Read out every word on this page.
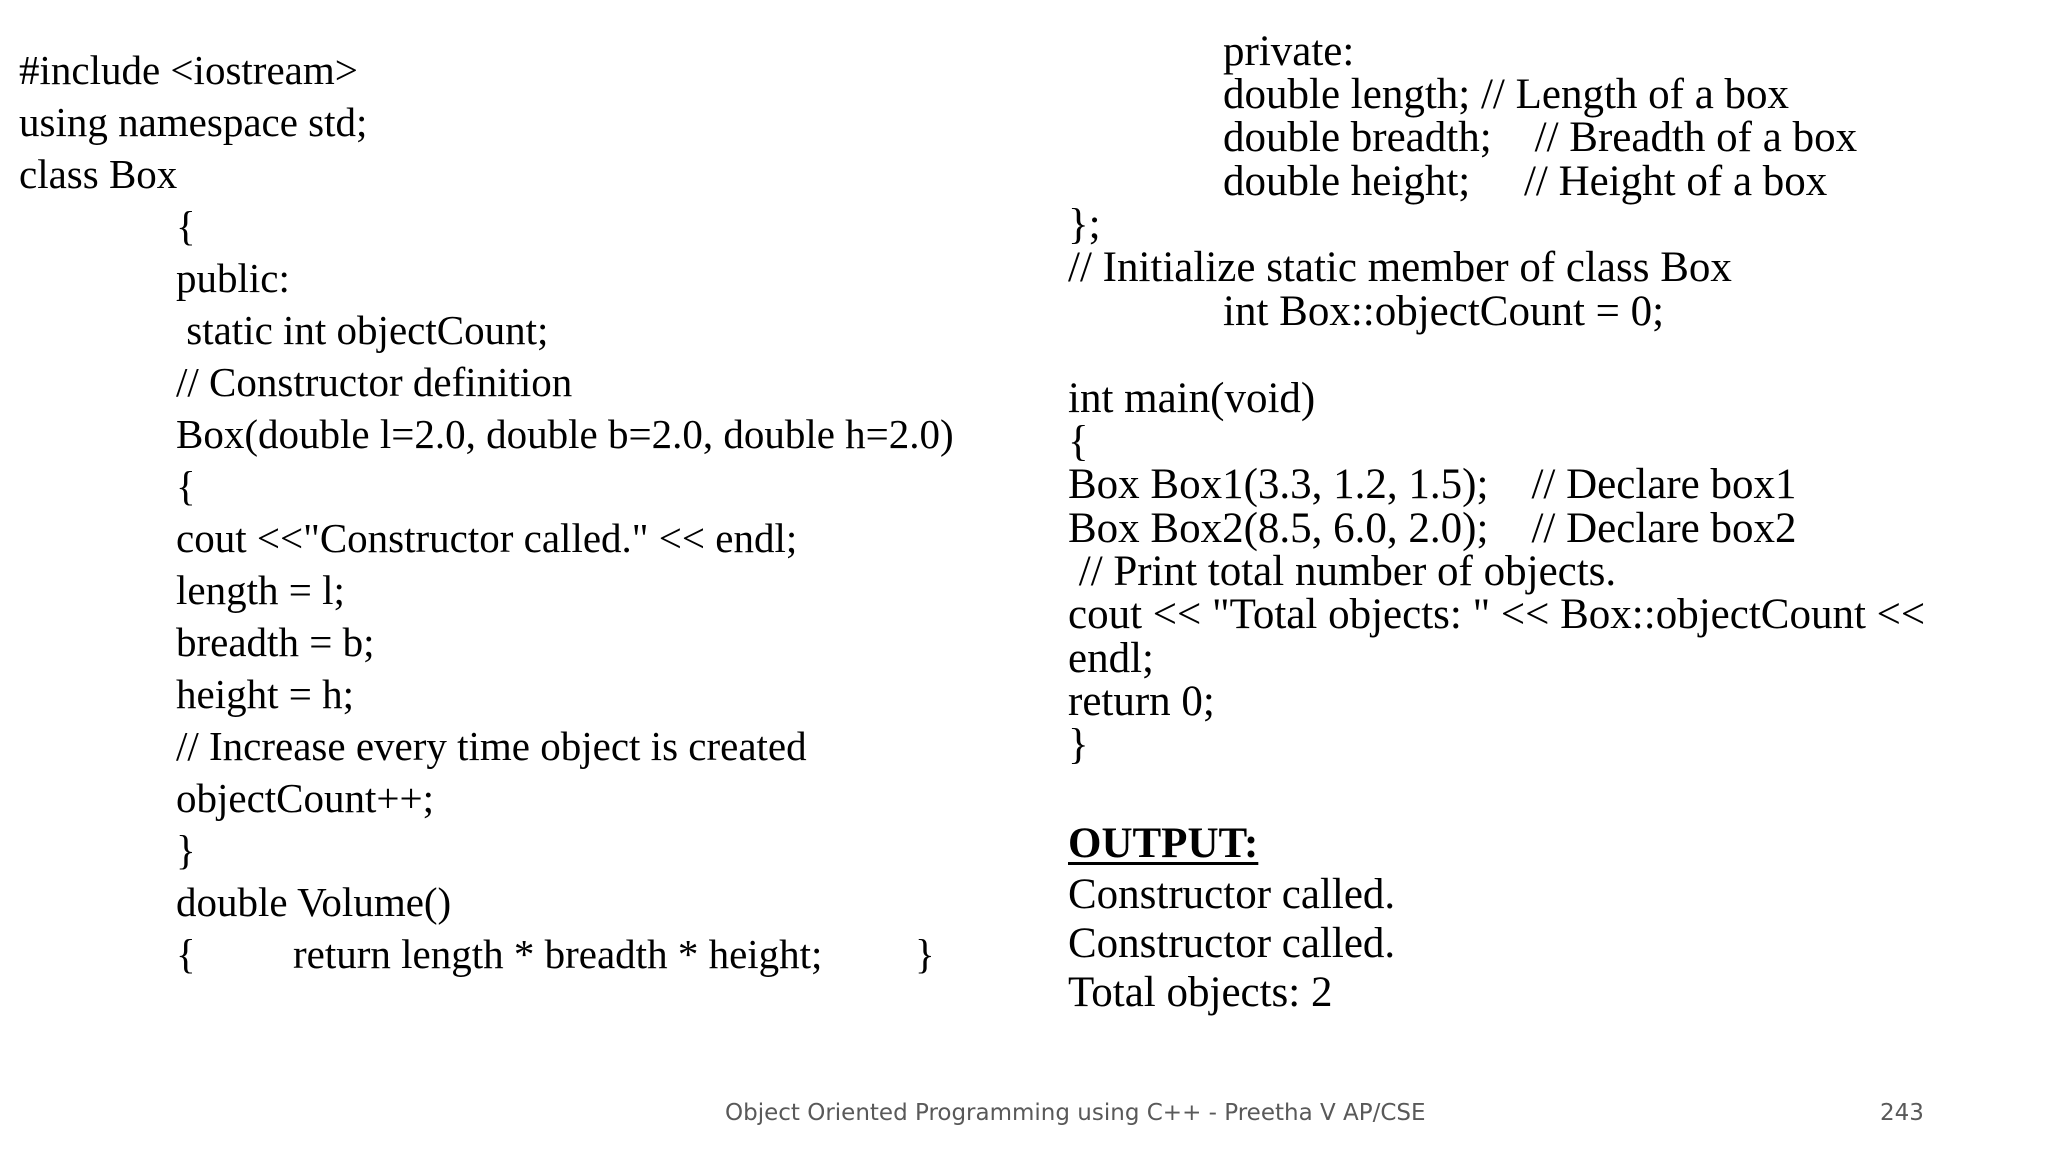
#include <iostream>
using namespace std;
class Box
{
public:
static int objectCount;
// Constructor definition
Box(double l=2.0, double b=2.0, double h=2.0)
{
cout <<"Constructor called." << endl;
length = l;
breadth = b;
height = h;
// Increase every time object is created
objectCount++;
}
double Volume()
{ return length * breadth * height; }
private:
double length; // Length of a box
double breadth;    // Breadth of a box
double height;     // Height of a box
};
// Initialize static member of class Box
int Box::objectCount = 0;
int main(void)
{
Box Box1(3.3, 1.2, 1.5);    // Declare box1
Box Box2(8.5, 6.0, 2.0);    // Declare box2
// Print total number of objects.
cout << "Total objects: " << Box::objectCount <<
endl;
return 0;
}
OUTPUT:
Constructor called.
Constructor called.
Total objects: 2
Object Oriented Programming using C++ - Preetha V AP/CSE	243
